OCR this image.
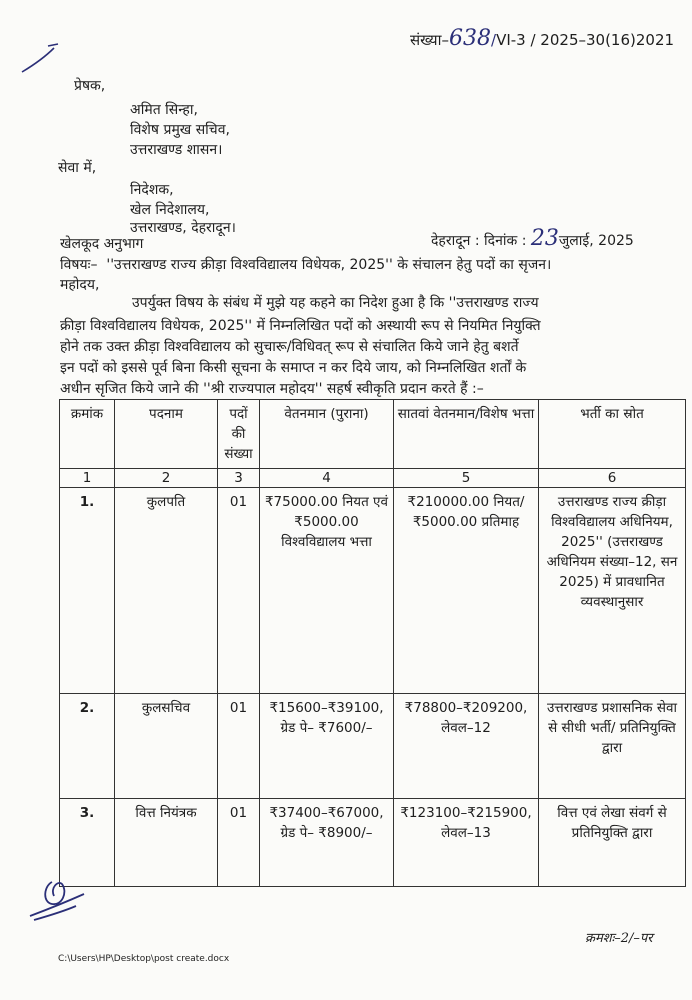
संख्या–638/VI-3 / 2025–30(16)2021
प्रेषक,
अमित सिन्हा,
विशेष प्रमुख सचिव,
उत्तराखण्ड शासन।
सेवा में,
निदेशक,
खेल निदेशालय,
उत्तराखण्ड, देहरादून।
खेलकूद अनुभाग	देहरादून : दिनांक : 23जुलाई, 2025
विषयः– ''उत्तराखण्ड राज्य क्रीड़ा विश्वविद्यालय विधेयक, 2025'' के संचालन हेतु पदों का सृजन।
महोदय,
उपर्युक्त विषय के संबंध में मुझे यह कहने का निदेश हुआ है कि ''उत्तराखण्ड राज्य
क्रीड़ा विश्वविद्यालय विधेयक, 2025'' में निम्नलिखित पदों को अस्थायी रूप से नियमित नियुक्ति
होने तक उक्त क्रीड़ा विश्वविद्यालय को सुचारू/विधिवत् रूप से संचालित किये जाने हेतु बशर्ते
इन पदों को इससे पूर्व बिना किसी सूचना के समाप्त न कर दिये जाय, को निम्नलिखित शर्तों के
अधीन सृजित किये जाने की ''श्री राज्यपाल महोदय'' सहर्ष स्वीकृति प्रदान करते हैं :–
क्रमांक	पदनाम	पदों की संख्या	वेतनमान (पुराना)	सातवां वेतनमान/विशेष भत्ता	भर्ती का स्रोत
1	2	3	4	5	6
1.	कुलपति	01	₹75000.00 नियत एवं ₹5000.00 विश्वविद्यालय भत्ता	₹210000.00 नियत/ ₹5000.00 प्रतिमाह	उत्तराखण्ड राज्य क्रीड़ा विश्वविद्यालय अधिनियम, 2025'' (उत्तराखण्ड अधिनियम संख्या–12, सन 2025) में प्रावधानित व्यवस्थानुसार
2.	कुलसचिव	01	₹15600–₹39100, ग्रेड पे– ₹7600/–	₹78800–₹209200, लेवल–12	उत्तराखण्ड प्रशासनिक सेवा से सीधी भर्ती/ प्रतिनियुक्ति द्वारा
3.	वित्त नियंत्रक	01	₹37400–₹67000, ग्रेड पे– ₹8900/–	₹123100–₹215900, लेवल–13	वित्त एवं लेखा संवर्ग से प्रतिनियुक्ति द्वारा
क्रमशः–2/–पर
C:\Users\HP\Desktop\post create.docx
